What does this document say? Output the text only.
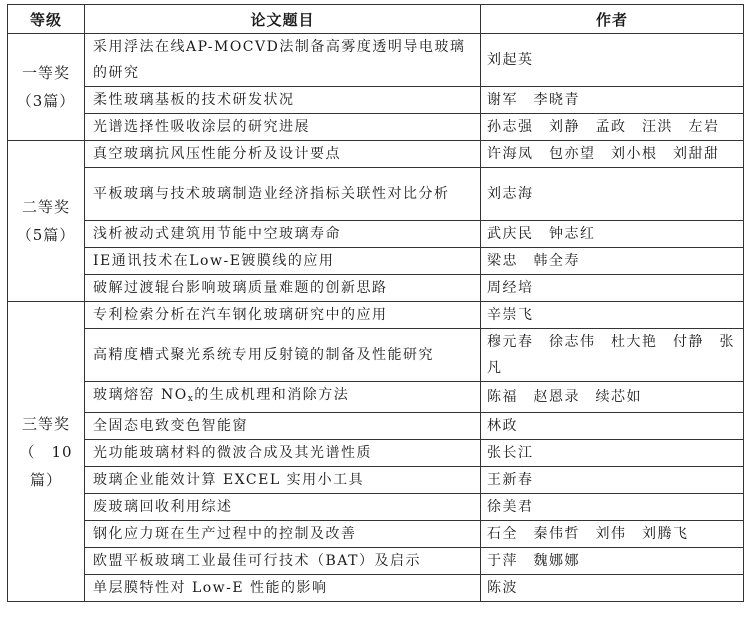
等级	论文题目	作者

一等奖
（3篇）	采用浮法在线AP-MOCVD法制备高雾度透明导电玻璃的研究	刘起英
	柔性玻璃基板的技术研发状况	谢军　李晓青
	光谱选择性吸收涂层的研究进展	孙志强　刘静　孟政　汪洪　左岩

二等奖
（5篇）	真空玻璃抗风压性能分析及设计要点	许海凤　包亦望　刘小根　刘甜甜
	平板玻璃与技术玻璃制造业经济指标关联性对比分析	刘志海
	浅析被动式建筑用节能中空玻璃寿命	武庆民　钟志红
	IE通讯技术在Low-E镀膜线的应用	梁忠　韩全寿
	破解过渡辊台影响玻璃质量难题的创新思路	周经培

三等奖
（　10篇）	专利检索分析在汽车钢化玻璃研究中的应用	辛崇飞
	高精度槽式聚光系统专用反射镜的制备及性能研究	穆元春　徐志伟　杜大艳　付静　张凡
	玻璃熔窑 $NO_x$的生成机理和消除方法	陈福　赵恩录　续芯如
	全固态电致变色智能窗	林政
	光功能玻璃材料的微波合成及其光谱性质	张长江
	玻璃企业能效计算 EXCEL 实用小工具	王新春
	废玻璃回收利用综述	徐美君
	钢化应力斑在生产过程中的控制及改善	石全　秦伟哲　刘伟　刘腾飞
	欧盟平板玻璃工业最佳可行技术（BAT）及启示	于萍　魏娜娜
	单层膜特性对 Low-E 性能的影响	陈波
